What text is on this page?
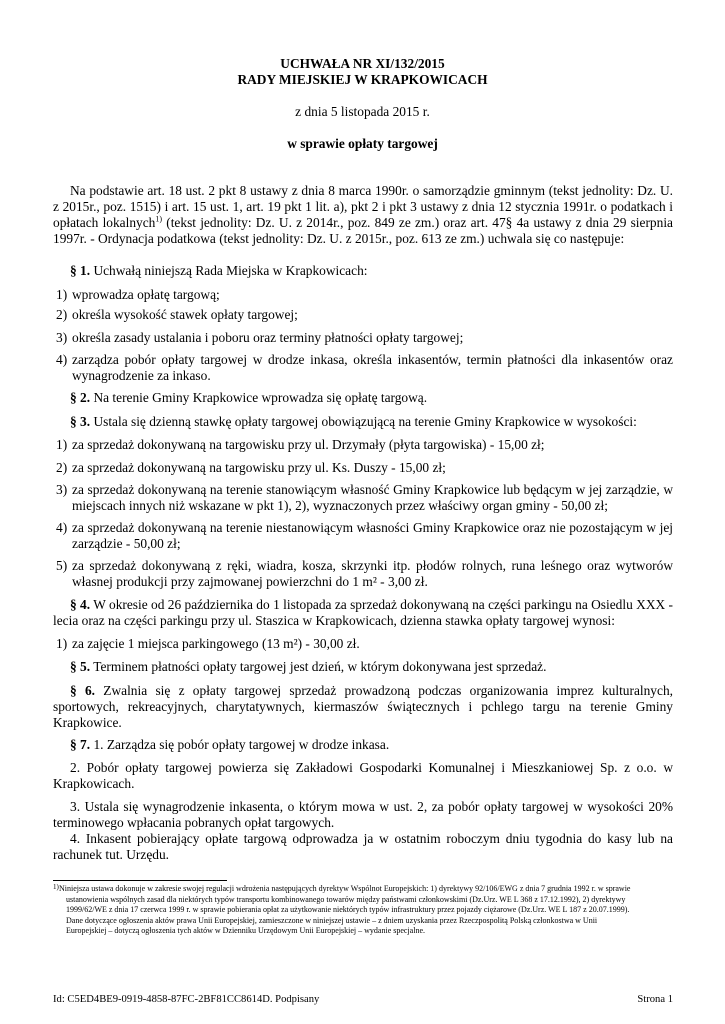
UCHWAŁA NR XI/132/2015
RADY MIEJSKIEJ W KRAPKOWICACH
z dnia 5 listopada 2015 r.
w sprawie opłaty targowej
Na podstawie art. 18 ust. 2 pkt 8 ustawy z dnia 8 marca 1990r. o samorządzie gminnym (tekst jednolity: Dz. U. z 2015r., poz. 1515) i art. 15 ust. 1, art. 19 pkt 1 lit. a), pkt 2 i pkt 3 ustawy z dnia 12 stycznia 1991r. o podatkach i opłatach lokalnych$^{1)}$ (tekst jednolity: Dz. U. z 2014r., poz. 849 ze zm.) oraz art. 47§ 4a ustawy z dnia 29 sierpnia 1997r. - Ordynacja podatkowa (tekst jednolity: Dz. U. z 2015r., poz. 613 ze zm.) uchwala się co następuje:
§ 1. Uchwałą niniejszą Rada Miejska w Krapkowicach:
1) wprowadza opłatę targową;
2) określa wysokość stawek opłaty targowej;
3) określa zasady ustalania i poboru oraz terminy płatności opłaty targowej;
4) zarządza pobór opłaty targowej w drodze inkasa, określa inkasentów, termin płatności dla inkasentów oraz wynagrodzenie za inkaso.
§ 2. Na terenie Gminy Krapkowice wprowadza się opłatę targową.
§ 3. Ustala się dzienną stawkę opłaty targowej obowiązującą na terenie Gminy Krapkowice w wysokości:
1) za sprzedaż dokonywaną na targowisku przy ul. Drzymały (płyta targowiska) - 15,00 zł;
2) za sprzedaż dokonywaną na targowisku przy ul. Ks. Duszy - 15,00 zł;
3) za sprzedaż dokonywaną na terenie stanowiącym własność Gminy Krapkowice lub będącym w jej zarządzie, w miejscach innych niż wskazane w pkt 1), 2), wyznaczonych przez właściwy organ gminy - 50,00 zł;
4) za sprzedaż dokonywaną na terenie niestanowiącym własności Gminy Krapkowice oraz nie pozostającym w jej zarządzie - 50,00 zł;
5) za sprzedaż dokonywaną z ręki, wiadra, kosza, skrzynki itp. płodów rolnych, runa leśnego oraz wytworów własnej produkcji przy zajmowanej powierzchni do 1 m² - 3,00 zł.
§ 4. W okresie od 26 października do 1 listopada za sprzedaż dokonywaną na części parkingu na Osiedlu XXX - lecia oraz na części parkingu przy ul. Staszica w Krapkowicach, dzienna stawka opłaty targowej wynosi:
1) za zajęcie 1 miejsca parkingowego (13 m²) - 30,00 zł.
§ 5. Terminem płatności opłaty targowej jest dzień, w którym dokonywana jest sprzedaż.
§ 6. Zwalnia się z opłaty targowej sprzedaż prowadzoną podczas organizowania imprez kulturalnych, sportowych, rekreacyjnych, charytatywnych, kiermaszów świątecznych i pchlego targu na terenie Gminy Krapkowice.
§ 7. 1. Zarządza się pobór opłaty targowej w drodze inkasa.
2. Pobór opłaty targowej powierza się Zakładowi Gospodarki Komunalnej i Mieszkaniowej Sp. z o.o. w Krapkowicach.
3. Ustala się wynagrodzenie inkasenta, o którym mowa w ust. 2, za pobór opłaty targowej w wysokości 20% terminowego wpłacania pobranych opłat targowych.
4. Inkasent pobierający opłate targową odprowadza ja w ostatnim roboczym dniu tygodnia do kasy lub na rachunek tut. Urzędu.
1) Niniejsza ustawa dokonuje w zakresie swojej regulacji wdrożenia następujących dyrektyw Wspólnot Europejskich: 1) dyrektywy 92/106/EWG z dnia 7 grudnia 1992 r. w sprawie
ustanowienia wspólnych zasad dla niektórych typów transportu kombinowanego towarów między państwami członkowskimi (Dz.Urz. WE L 368 z 17.12.1992), 2) dyrektywy
1999/62/WE z dnia 17 czerwca 1999 r. w sprawie pobierania opłat za użytkowanie niektórych typów infrastruktury przez pojazdy ciężarowe (Dz.Urz. WE L 187 z 20.07.1999).
Dane dotyczące ogłoszenia aktów prawa Unii Europejskiej, zamieszczone w niniejszej ustawie – z dniem uzyskania przez Rzeczpospolitą Polską członkostwa w Unii
Europejskiej – dotyczą ogłoszenia tych aktów w Dzienniku Urzędowym Unii Europejskiej – wydanie specjalne.
Id: C5ED4BE9-0919-4858-87FC-2BF81CC8614D. Podpisany	Strona 1
